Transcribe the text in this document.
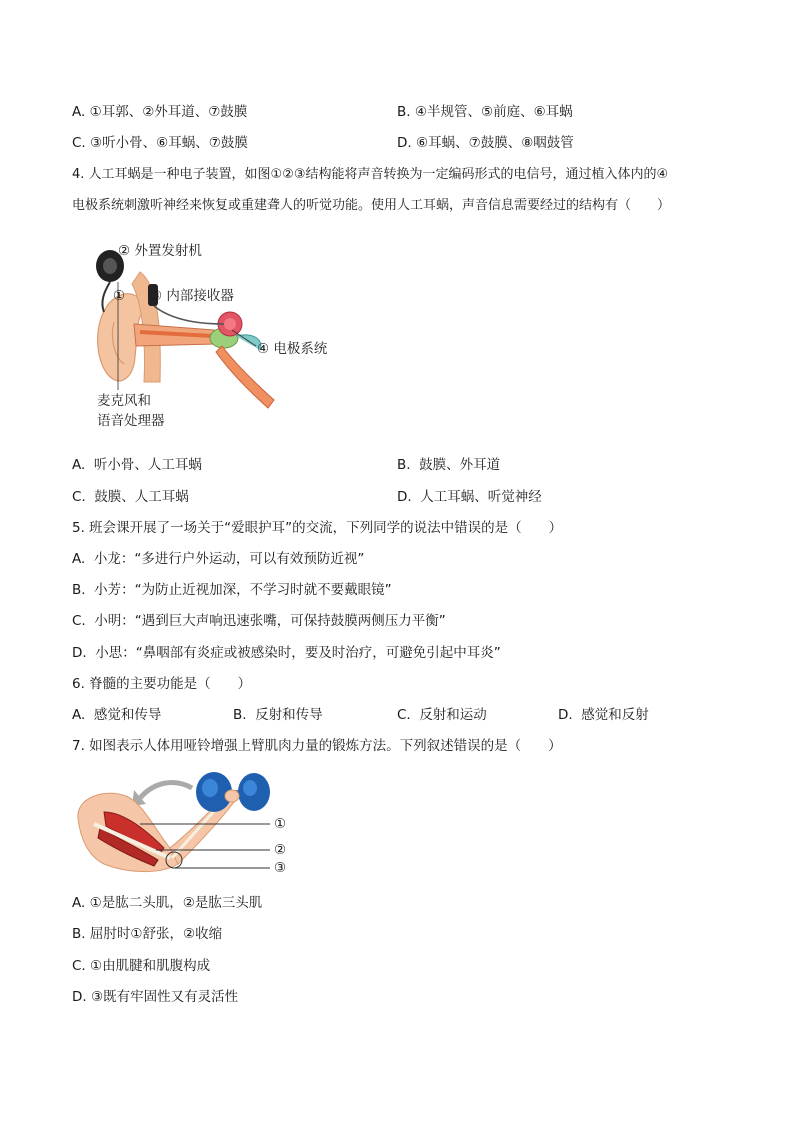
A. ①耳郭、②外耳道、⑦鼓膜	B. ④半规管、⑤前庭、⑥耳蜗
C. ③听小骨、⑥耳蜗、⑦鼓膜	D. ⑥耳蜗、⑦鼓膜、⑧咽鼓管
4. 人工耳蜗是一种电子装置，如图①②③结构能将声音转换为一定编码形式的电信号，通过植入体内的④
电极系统刺激听神经来恢复或重建聋人的听觉功能。使用人工耳蜗，声音信息需要经过的结构有（　　）
② 外置发射机
① ③ 内部接收器
④ 电极系统
麦克风和
语音处理器
A. 听小骨、人工耳蜗	B. 鼓膜、外耳道
C. 鼓膜、人工耳蜗	D. 人工耳蜗、听觉神经
5. 班会课开展了一场关于“爱眼护耳”的交流，下列同学的说法中错误的是（　　）
A. 小龙：“多进行户外运动，可以有效预防近视”
B. 小芳：“为防止近视加深，不学习时就不要戴眼镜”
C. 小明：“遇到巨大声响迅速张嘴，可保持鼓膜两侧压力平衡”
D. 小思：“鼻咽部有炎症或被感染时，要及时治疗，可避免引起中耳炎”
6. 脊髓的主要功能是（　　）
A. 感觉和传导	B. 反射和传导	C. 反射和运动	D. 感觉和反射
7. 如图表示人体用哑铃增强上臂肌肉力量的锻炼方法。下列叙述错误的是（　　）
①
②
③
A. ①是肱二头肌，②是肱三头肌
B. 屈肘时①舒张，②收缩
C. ①由肌腱和肌腹构成
D. ③既有牢固性又有灵活性
